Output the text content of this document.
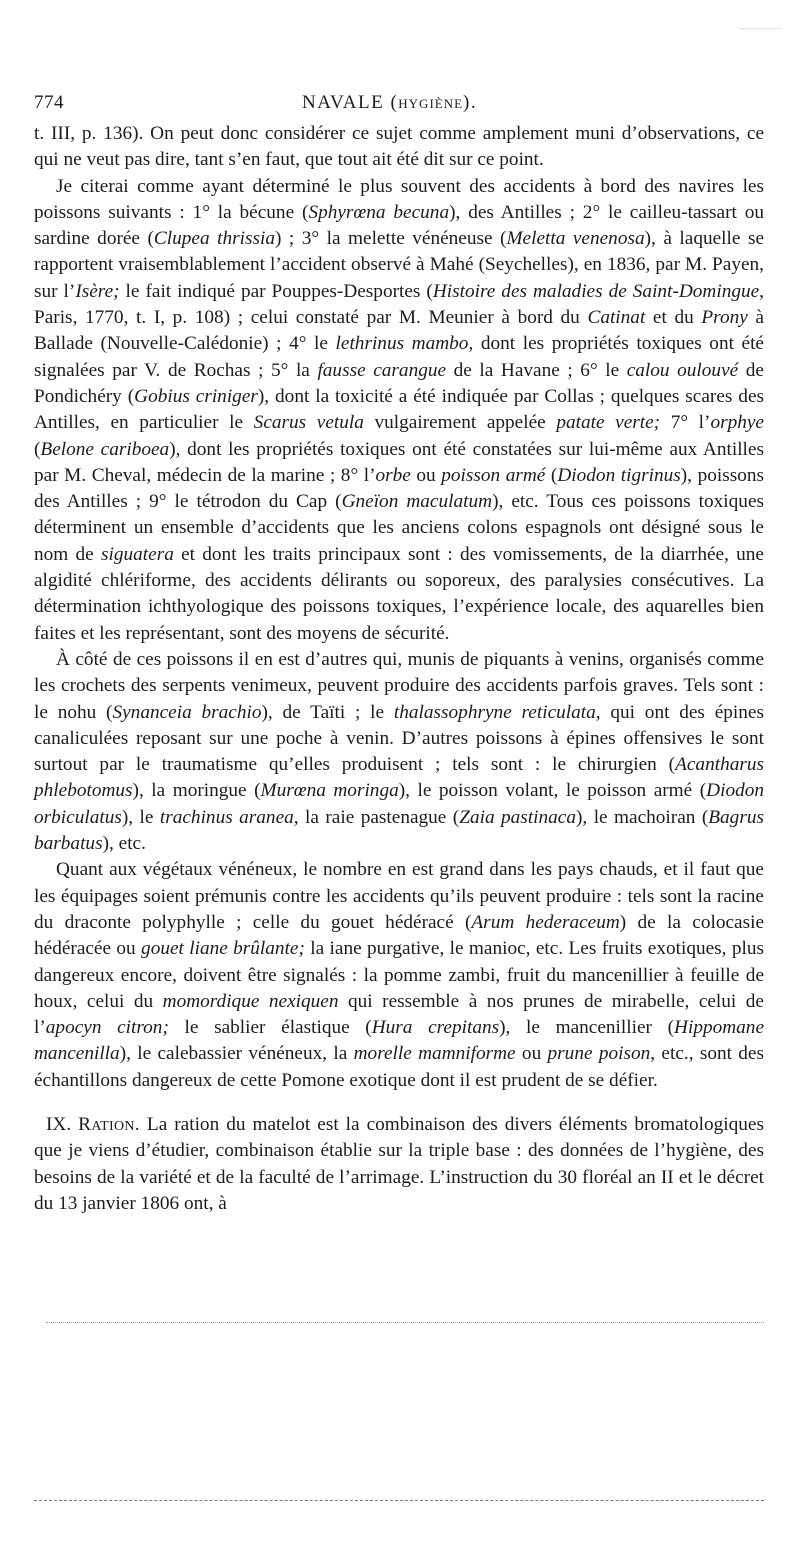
774	NAVALE (HYGIÈNE).

t. III, p. 136). On peut donc considérer ce sujet comme amplement muni d’observations, ce qui ne veut pas dire, tant s’en faut, que tout ait été dit sur ce point.

Je citerai comme ayant déterminé le plus souvent des accidents à bord des navires les poissons suivants : 1° la bécune (Sphyrœna becuna), des Antilles ; 2° le cailleu-tassart ou sardine dorée (Clupea thrissia) ; 3° la melette vénéneuse (Meletta venenosa), à laquelle se rapportent vraisemblablement l’accident observé à Mahé (Seychelles), en 1836, par M. Payen, sur l’Isère; le fait indiqué par Pouppes-Desportes (Histoire des maladies de Saint-Domingue, Paris, 1770, t. I, p. 108) ; celui constaté par M. Meunier à bord du Catinat et du Prony à Ballade (Nouvelle-Calédonie) ; 4° le lethrinus mambo, dont les propriétés toxiques ont été signalées par V. de Rochas ; 5° la fausse carangue de la Havane ; 6° le calou oulouvé de Pondichéry (Gobius criniger), dont la toxicité a été indiquée par Collas ; quelques scares des Antilles, en particulier le Scarus vetula vulgairement appelée patate verte; 7° l’orphye (Belone cariboea), dont les propriétés toxiques ont été constatées sur lui-même aux Antilles par M. Cheval, médecin de la marine ; 8° l’orbe ou poisson armé (Diodon tigrinus), poissons des Antilles ; 9° le tétrodon du Cap (Gneïon maculatum), etc. Tous ces poissons toxiques déterminent un ensemble d’accidents que les anciens colons espagnols ont désigné sous le nom de siguatera et dont les traits principaux sont : des vomissements, de la diarrhée, une algidité chlériforme, des accidents délirants ou soporeux, des paralysies consécutives. La détermination ichthyologique des poissons toxiques, l’expérience locale, des aquarelles bien faites et les représentant, sont des moyens de sécurité.

À côté de ces poissons il en est d’autres qui, munis de piquants à venins, organisés comme les crochets des serpents venimeux, peuvent produire des accidents parfois graves. Tels sont : le nohu (Synanceia brachio), de Taïti ; le thalassophryne reticulata, qui ont des épines canaliculées reposant sur une poche à venin. D’autres poissons à épines offensives le sont surtout par le traumatisme qu’elles produisent ; tels sont : le chirurgien (Acantharus phlebotomus), la moringue (Murœna moringa), le poisson volant, le poisson armé (Diodon orbiculatus), le trachinus aranea, la raie pastenague (Zaia pastinaca), le machoiran (Bagrus barbatus), etc.

Quant aux végétaux vénéneux, le nombre en est grand dans les pays chauds, et il faut que les équipages soient prémunis contre les accidents qu’ils peuvent produire : tels sont la racine du draconte polyphylle ; celle du gouet hédéracé (Arum hederaceum) de la colocasie hédéracée ou gouet liane brûlante; la iane purgative, le manioc, etc. Les fruits exotiques, plus dangereux encore, doivent être signalés : la pomme zambi, fruit du mancenillier à feuille de houx, celui du momordique nexiquen qui ressemble à nos prunes de mirabelle, celui de l’apocyn citron; le sablier élastique (Hura crepitans), le mancenillier (Hippomane mancenilla), le calebassier vénéneux, la morelle mamniforme ou prune poison, etc., sont des échantillons dangereux de cette Pomone exotique dont il est prudent de se défier.

IX. Ration. La ration du matelot est la combinaison des divers éléments bromatologiques que je viens d’étudier, combinaison établie sur la triple base : des données de l’hygiène, des besoins de la variété et de la faculté de l’arrimage. L’instruction du 30 floréal an II et le décret du 13 janvier 1806 ont, à
